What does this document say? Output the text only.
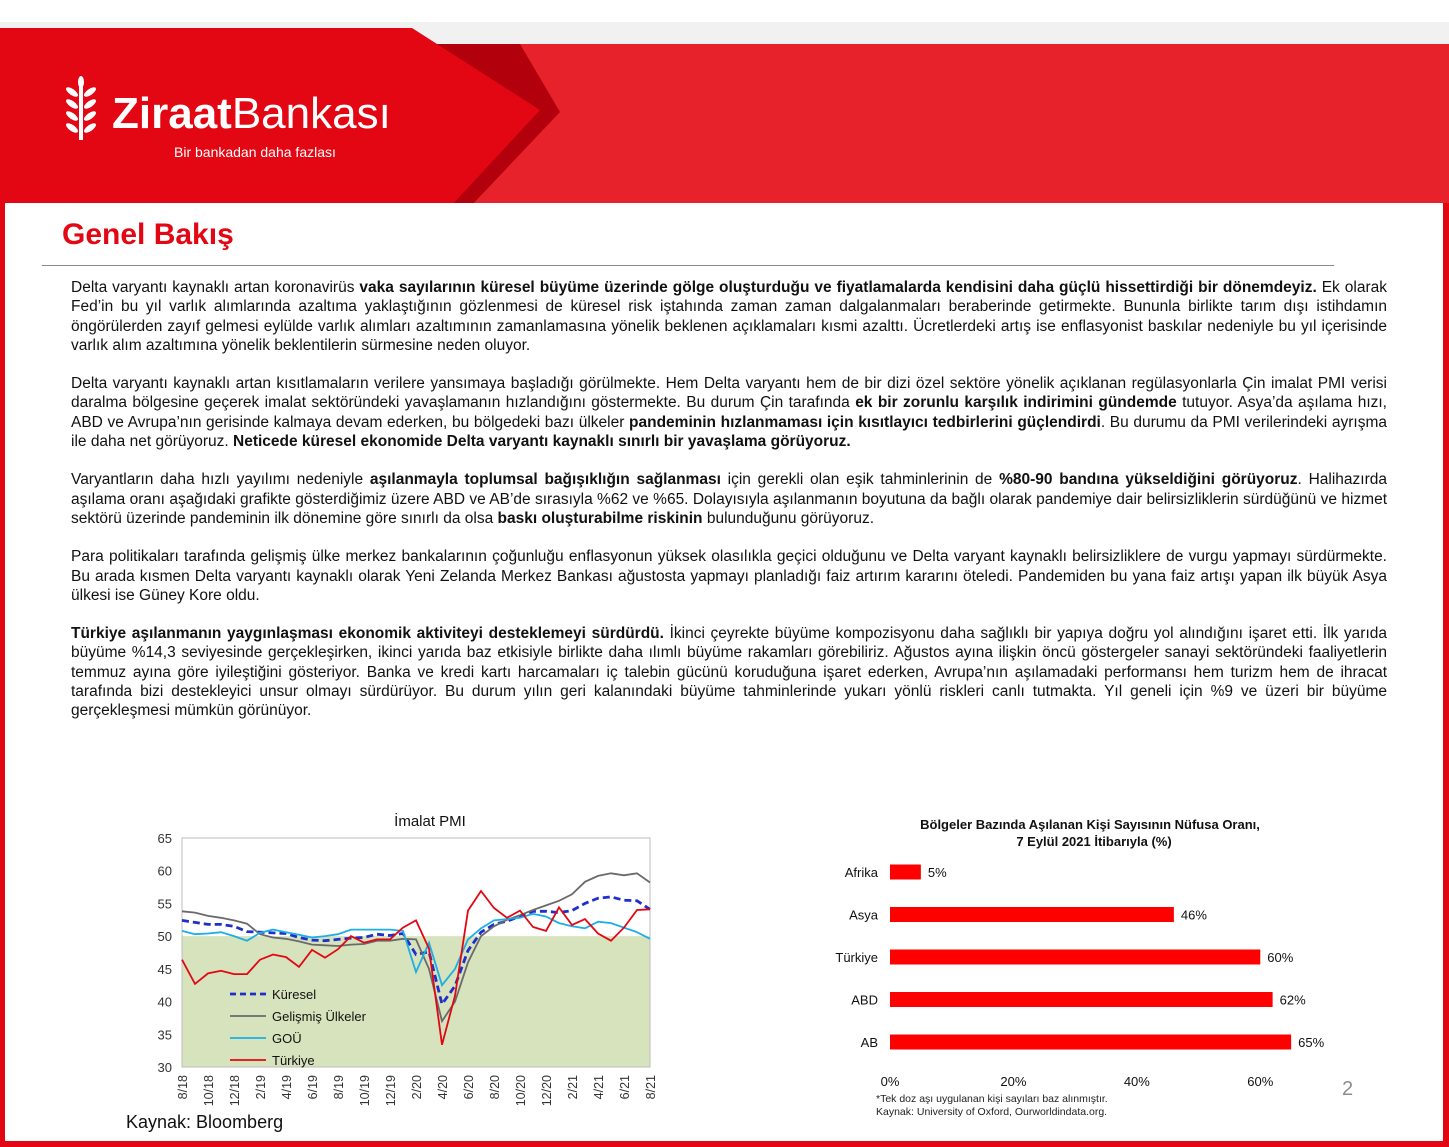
ZiraatBankası
Bir bankadan daha fazlası
Genel Bakış

Delta varyantı kaynaklı artan koronavirüs vaka sayılarının küresel büyüme üzerinde gölge oluşturduğu ve fiyatlamalarda kendisini daha güçlü hissettirdiği bir dönemdeyiz. Ek olarak Fed’in bu yıl varlık alımlarında azaltıma yaklaştığının gözlenmesi de küresel risk iştahında zaman zaman dalgalanmaları beraberinde getirmekte. Bununla birlikte tarım dışı istihdamın öngörülerden zayıf gelmesi eylülde varlık alımları azaltımının zamanlamasına yönelik beklenen açıklamaları kısmi azalttı. Ücretlerdeki artış ise enflasyonist baskılar nedeniyle bu yıl içerisinde varlık alım azaltımına yönelik beklentilerin sürmesine neden oluyor.

Delta varyantı kaynaklı artan kısıtlamaların verilere yansımaya başladığı görülmekte. Hem Delta varyantı hem de bir dizi özel sektöre yönelik açıklanan regülasyonlarla Çin imalat PMI verisi daralma bölgesine geçerek imalat sektöründeki yavaşlamanın hızlandığını göstermekte. Bu durum Çin tarafında ek bir zorunlu karşılık indirimini gündemde tutuyor. Asya’da aşılama hızı, ABD ve Avrupa’nın gerisinde kalmaya devam ederken, bu bölgedeki bazı ülkeler pandeminin hızlanmaması için kısıtlayıcı tedbirlerini güçlendirdi. Bu durumu da PMI verilerindeki ayrışma ile daha net görüyoruz. Neticede küresel ekonomide Delta varyantı kaynaklı sınırlı bir yavaşlama görüyoruz.

Varyantların daha hızlı yayılımı nedeniyle aşılanmayla toplumsal bağışıklığın sağlanması için gerekli olan eşik tahminlerinin de %80-90 bandına yükseldiğini görüyoruz. Halihazırda aşılama oranı aşağıdaki grafikte gösterdiğimiz üzere ABD ve AB’de sırasıyla %62 ve %65. Dolayısıyla aşılanmanın boyutuna da bağlı olarak pandemiye dair belirsizliklerin sürdüğünü ve hizmet sektörü üzerinde pandeminin ilk dönemine göre sınırlı da olsa baskı oluşturabilme riskinin bulunduğunu görüyoruz.

Para politikaları tarafında gelişmiş ülke merkez bankalarının çoğunluğu enflasyonun yüksek olasılıkla geçici olduğunu ve Delta varyant kaynaklı belirsizliklere de vurgu yapmayı sürdürmekte. Bu arada kısmen Delta varyantı kaynaklı olarak Yeni Zelanda Merkez Bankası ağustosta yapmayı planladığı faiz artırım kararını öteledi. Pandemiden bu yana faiz artışı yapan ilk büyük Asya ülkesi ise Güney Kore oldu.

Türkiye aşılanmanın yaygınlaşması ekonomik aktiviteyi desteklemeyi sürdürdü. İkinci çeyrekte büyüme kompozisyonu daha sağlıklı bir yapıya doğru yol alındığını işaret etti. İlk yarıda büyüme %14,3 seviyesinde gerçekleşirken, ikinci yarıda baz etkisiyle birlikte daha ılımlı büyüme rakamları görebiliriz. Ağustos ayına ilişkin öncü göstergeler sanayi sektöründeki faaliyetlerin temmuz ayına göre iyileştiğini gösteriyor. Banka ve kredi kartı harcamaları iç talebin gücünü koruduğuna işaret ederken, Avrupa’nın aşılamadaki performansı hem turizm hem de ihracat tarafında bizi destekleyici unsur olmayı sürdürüyor. Bu durum yılın geri kalanındaki büyüme tahminlerinde yukarı yönlü riskleri canlı tutmakta. Yıl geneli için %9 ve üzeri bir büyüme gerçekleşmesi mümkün görünüyor.

İmalat PMI
30
35
40
45
50
55
60
65
8/18 10/18 12/18 2/19 4/19 6/19 8/19 10/19 12/19 2/20 4/20 6/20 8/20 10/20 12/20 2/21 4/21 6/21 8/21
Küresel
Gelişmiş Ülkeler
GOÜ
Türkiye
Bölgeler Bazında Aşılanan Kişi Sayısının Nüfusa Oranı,
7 Eylül 2021 İtibarıyla (%)
Afrika	5%
Asya	46%
Türkiye	60%
ABD	62%
AB	65%
0%	20%	40%	60%
*Tek doz aşı uygulanan kişi sayıları baz alınmıştır.
Kaynak: University of Oxford, Ourworldindata.org.
2
Kaynak: Bloomberg
